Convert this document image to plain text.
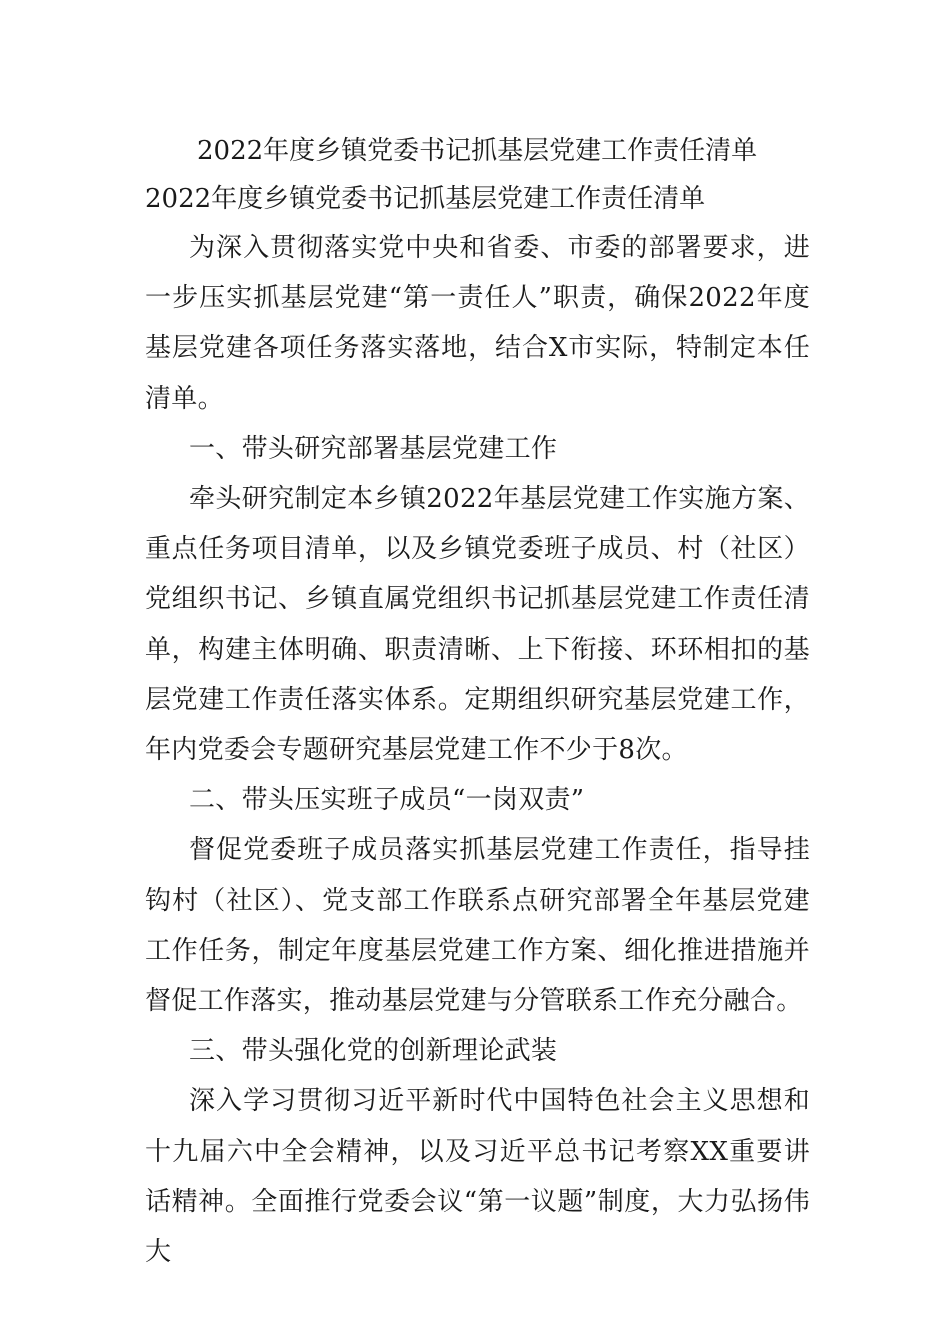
2022年度乡镇党委书记抓基层党建工作责任清单
2022年度乡镇党委书记抓基层党建工作责任清单

为深入贯彻落实党中央和省委、市委的部署要求，进一步压实抓基层党建“第一责任人”职责，确保2022年度基层党建各项任务落实落地，结合X市实际，特制定本任清单。

一、带头研究部署基层党建工作

牵头研究制定本乡镇2022年基层党建工作实施方案、重点任务项目清单，以及乡镇党委班子成员、村（社区）党组织书记、乡镇直属党组织书记抓基层党建工作责任清单，构建主体明确、职责清晰、上下衔接、环环相扣的基层党建工作责任落实体系。定期组织研究基层党建工作，年内党委会专题研究基层党建工作不少于8次。

二、带头压实班子成员“一岗双责”

督促党委班子成员落实抓基层党建工作责任，指导挂钩村（社区）、党支部工作联系点研究部署全年基层党建工作任务，制定年度基层党建工作方案、细化推进措施并督促工作落实，推动基层党建与分管联系工作充分融合。

三、带头强化党的创新理论武装

深入学习贯彻习近平新时代中国特色社会主义思想和十九届六中全会精神，以及习近平总书记考察XX重要讲话精神。全面推行党委会议“第一议题”制度，大力弘扬伟大
